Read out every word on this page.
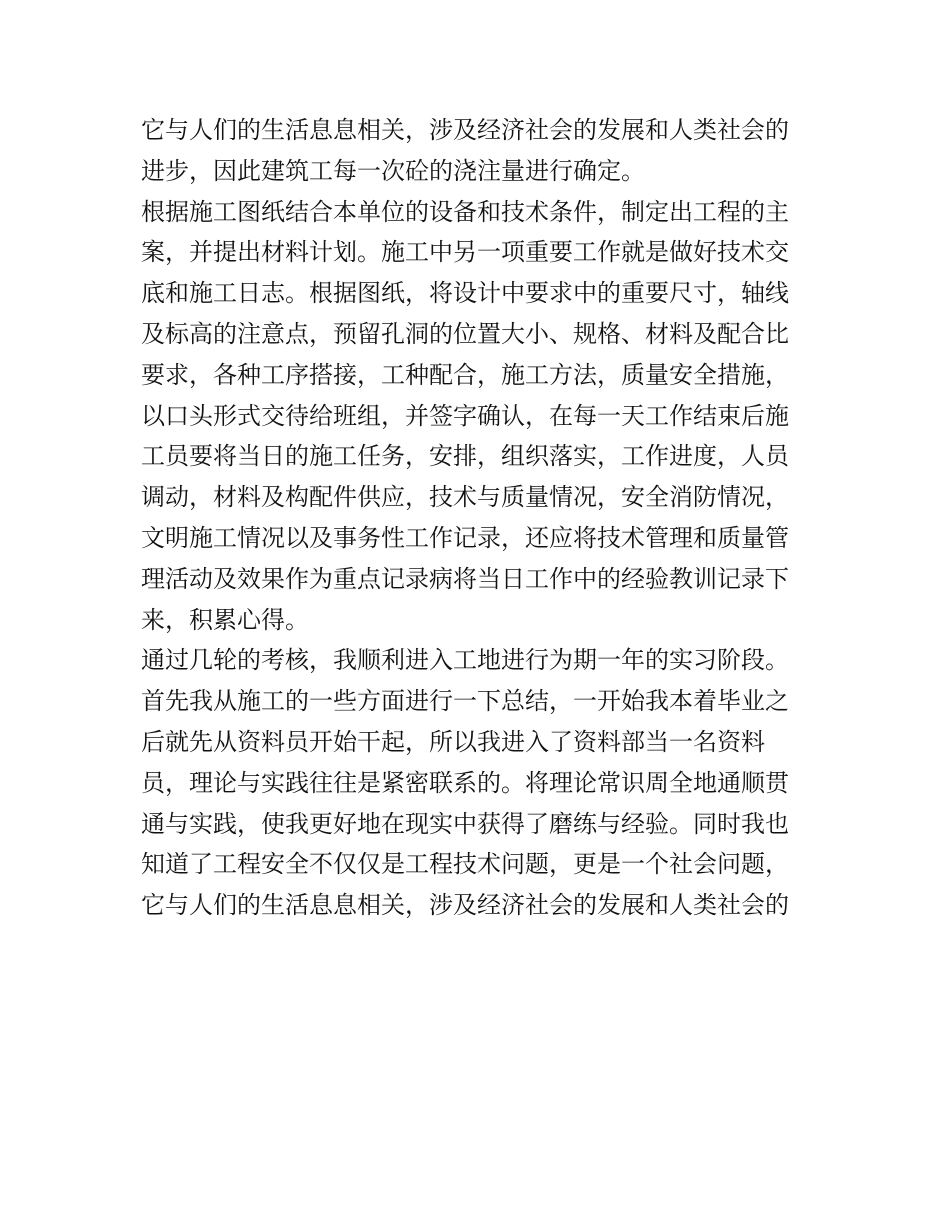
它与人们的生活息息相关，涉及经济社会的发展和人类社会的
进步，因此建筑工每一次砼的浇注量进行确定。
根据施工图纸结合本单位的设备和技术条件，制定出工程的主
案，并提出材料计划。施工中另一项重要工作就是做好技术交
底和施工日志。根据图纸，将设计中要求中的重要尺寸，轴线
及标高的注意点，预留孔洞的位置大小、规格、材料及配合比
要求，各种工序搭接，工种配合，施工方法，质量安全措施，
以口头形式交待给班组，并签字确认，在每一天工作结束后施
工员要将当日的施工任务，安排，组织落实，工作进度，人员
调动，材料及构配件供应，技术与质量情况，安全消防情况，
文明施工情况以及事务性工作记录，还应将技术管理和质量管
理活动及效果作为重点记录病将当日工作中的经验教训记录下
来，积累心得。
通过几轮的考核，我顺利进入工地进行为期一年的实习阶段。
首先我从施工的一些方面进行一下总结，一开始我本着毕业之
后就先从资料员开始干起，所以我进入了资料部当一名资料
员，理论与实践往往是紧密联系的。将理论常识周全地通顺贯
通与实践，使我更好地在现实中获得了磨练与经验。同时我也
知道了工程安全不仅仅是工程技术问题，更是一个社会问题，
它与人们的生活息息相关，涉及经济社会的发展和人类社会的
